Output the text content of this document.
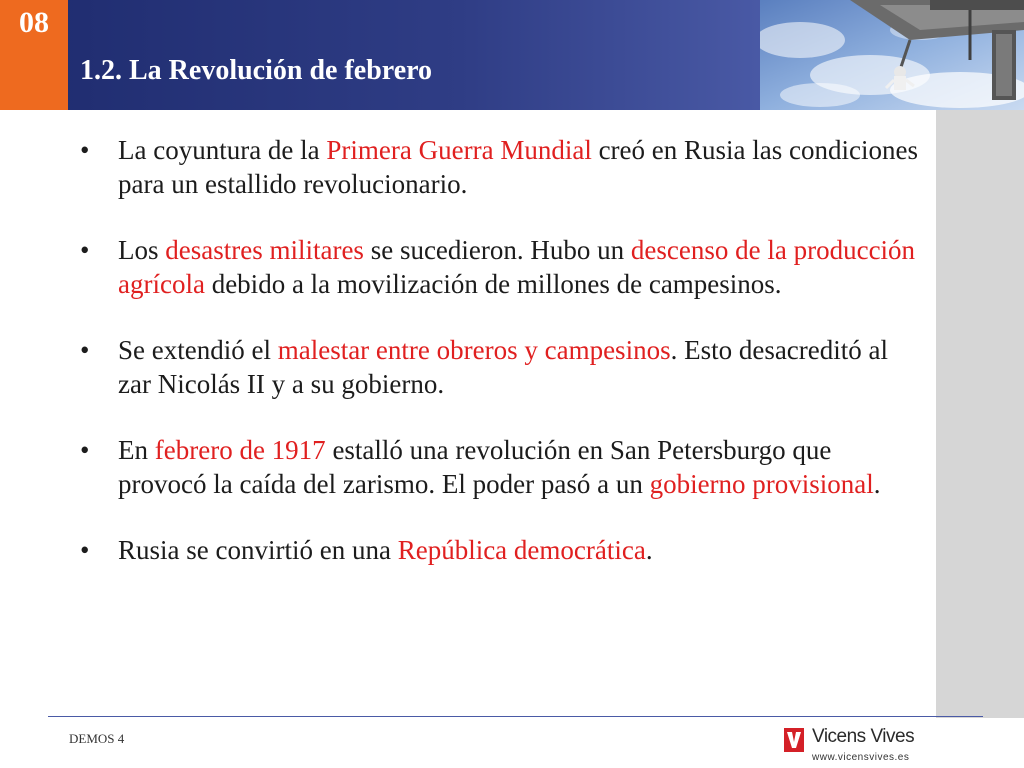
08
1.2. La Revolución de febrero
• La coyuntura de la Primera Guerra Mundial creó en Rusia las condiciones para un estallido revolucionario.
• Los desastres militares se sucedieron. Hubo un descenso de la producción agrícola debido a la movilización de millones de campesinos.
• Se extendió el malestar entre obreros y campesinos. Esto desacreditó al zar Nicolás II y a su gobierno.
• En febrero de 1917 estalló una revolución en San Petersburgo que provocó la caída del zarismo. El poder pasó a un gobierno provisional.
• Rusia se convirtió en una República democrática.
DEMOS 4	Vicens Vives
www.vicensvives.es
